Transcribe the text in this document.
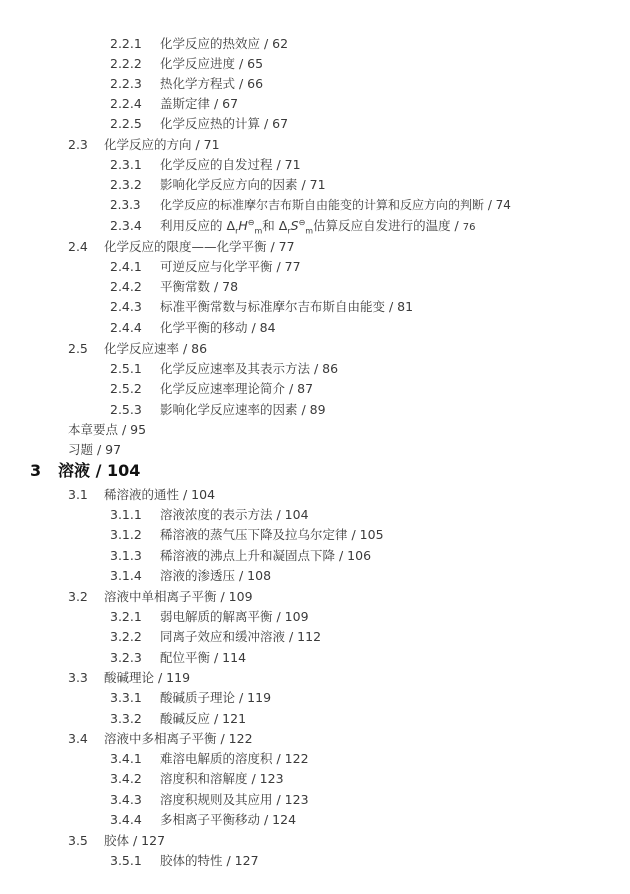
2.2.1 化学反应的热效应 / 62
2.2.2 化学反应进度 / 65
2.2.3 热化学方程式 / 66
2.2.4 盖斯定律 / 67
2.2.5 化学反应热的计算 / 67
2.3 化学反应的方向 / 71
2.3.1 化学反应的自发过程 / 71
2.3.2 影响化学反应方向的因素 / 71
2.3.3 化学反应的标准摩尔吉布斯自由能变的计算和反应方向的判断 / 74
2.3.4 利用反应的 $\Delta_rH^⊖_m$和 $\Delta_rS^⊖_m$估算反应自发进行的温度 / 76
2.4 化学反应的限度——化学平衡 / 77
2.4.1 可逆反应与化学平衡 / 77
2.4.2 平衡常数 / 78
2.4.3 标准平衡常数与标准摩尔吉布斯自由能变 / 81
2.4.4 化学平衡的移动 / 84
2.5 化学反应速率 / 86
2.5.1 化学反应速率及其表示方法 / 86
2.5.2 化学反应速率理论简介 / 87
2.5.3 影响化学反应速率的因素 / 89
本章要点 / 95
习题 / 97
3 溶液 / 104
3.1 稀溶液的通性 / 104
3.1.1 溶液浓度的表示方法 / 104
3.1.2 稀溶液的蒸气压下降及拉乌尔定律 / 105
3.1.3 稀溶液的沸点上升和凝固点下降 / 106
3.1.4 溶液的渗透压 / 108
3.2 溶液中单相离子平衡 / 109
3.2.1 弱电解质的解离平衡 / 109
3.2.2 同离子效应和缓冲溶液 / 112
3.2.3 配位平衡 / 114
3.3 酸碱理论 / 119
3.3.1 酸碱质子理论 / 119
3.3.2 酸碱反应 / 121
3.4 溶液中多相离子平衡 / 122
3.4.1 难溶电解质的溶度积 / 122
3.4.2 溶度积和溶解度 / 123
3.4.3 溶度积规则及其应用 / 123
3.4.4 多相离子平衡移动 / 124
3.5 胶体 / 127
3.5.1 胶体的特性 / 127
